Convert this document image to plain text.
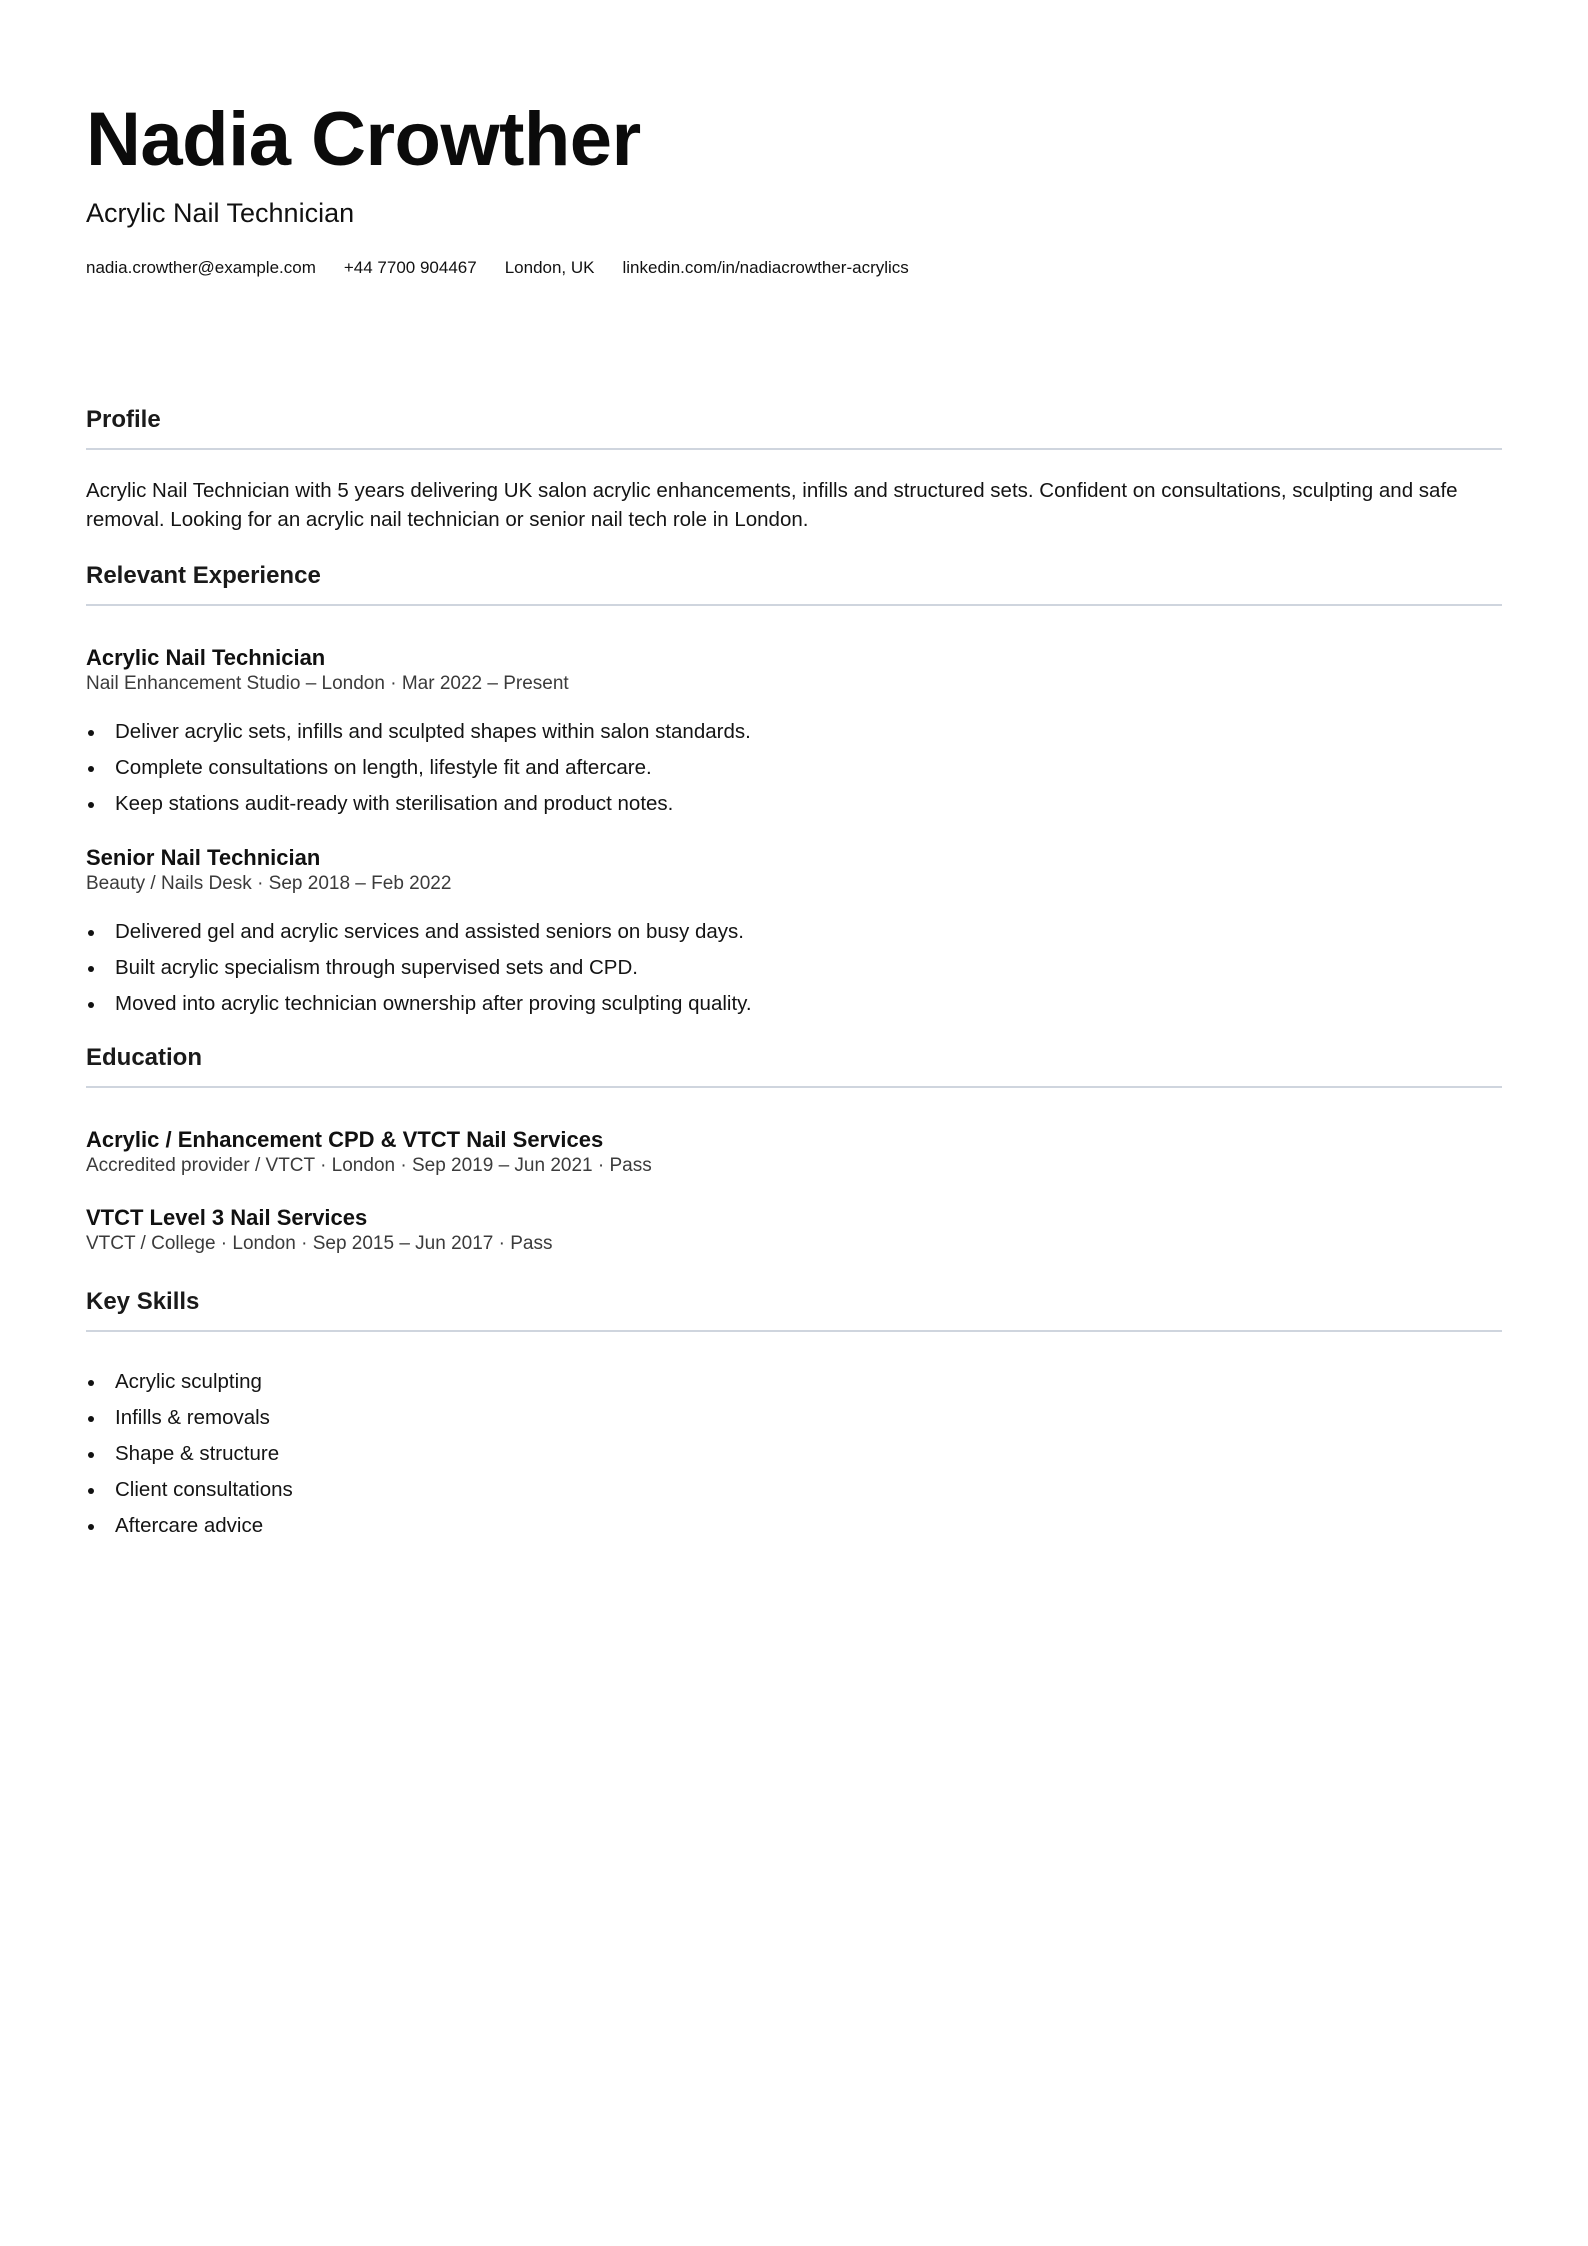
Nadia Crowther
Acrylic Nail Technician
nadia.crowther@example.com +44 7700 904467 London, UK linkedin.com/in/nadiacrowther-acrylics
Profile

Acrylic Nail Technician with 5 years delivering UK salon acrylic enhancements, infills and structured sets. Confident on consultations, sculpting and safe removal. Looking for an acrylic nail technician or senior nail tech role in London.

Relevant Experience

Acrylic Nail Technician

Nail Enhancement Studio – London · Mar 2022 – Present

Deliver acrylic sets, infills and sculpted shapes within salon standards.
Complete consultations on length, lifestyle fit and aftercare.
Keep stations audit-ready with sterilisation and product notes.

Senior Nail Technician

Beauty / Nails Desk · Sep 2018 – Feb 2022

Delivered gel and acrylic services and assisted seniors on busy days.
Built acrylic specialism through supervised sets and CPD.
Moved into acrylic technician ownership after proving sculpting quality.
Education

Acrylic / Enhancement CPD & VTCT Nail Services

Accredited provider / VTCT · London · Sep 2019 – Jun 2021 · Pass

VTCT Level 3 Nail Services

VTCT / College · London · Sep 2015 – Jun 2017 · Pass

Key Skills
Acrylic sculpting
Infills & removals
Shape & structure
Client consultations
Aftercare advice
